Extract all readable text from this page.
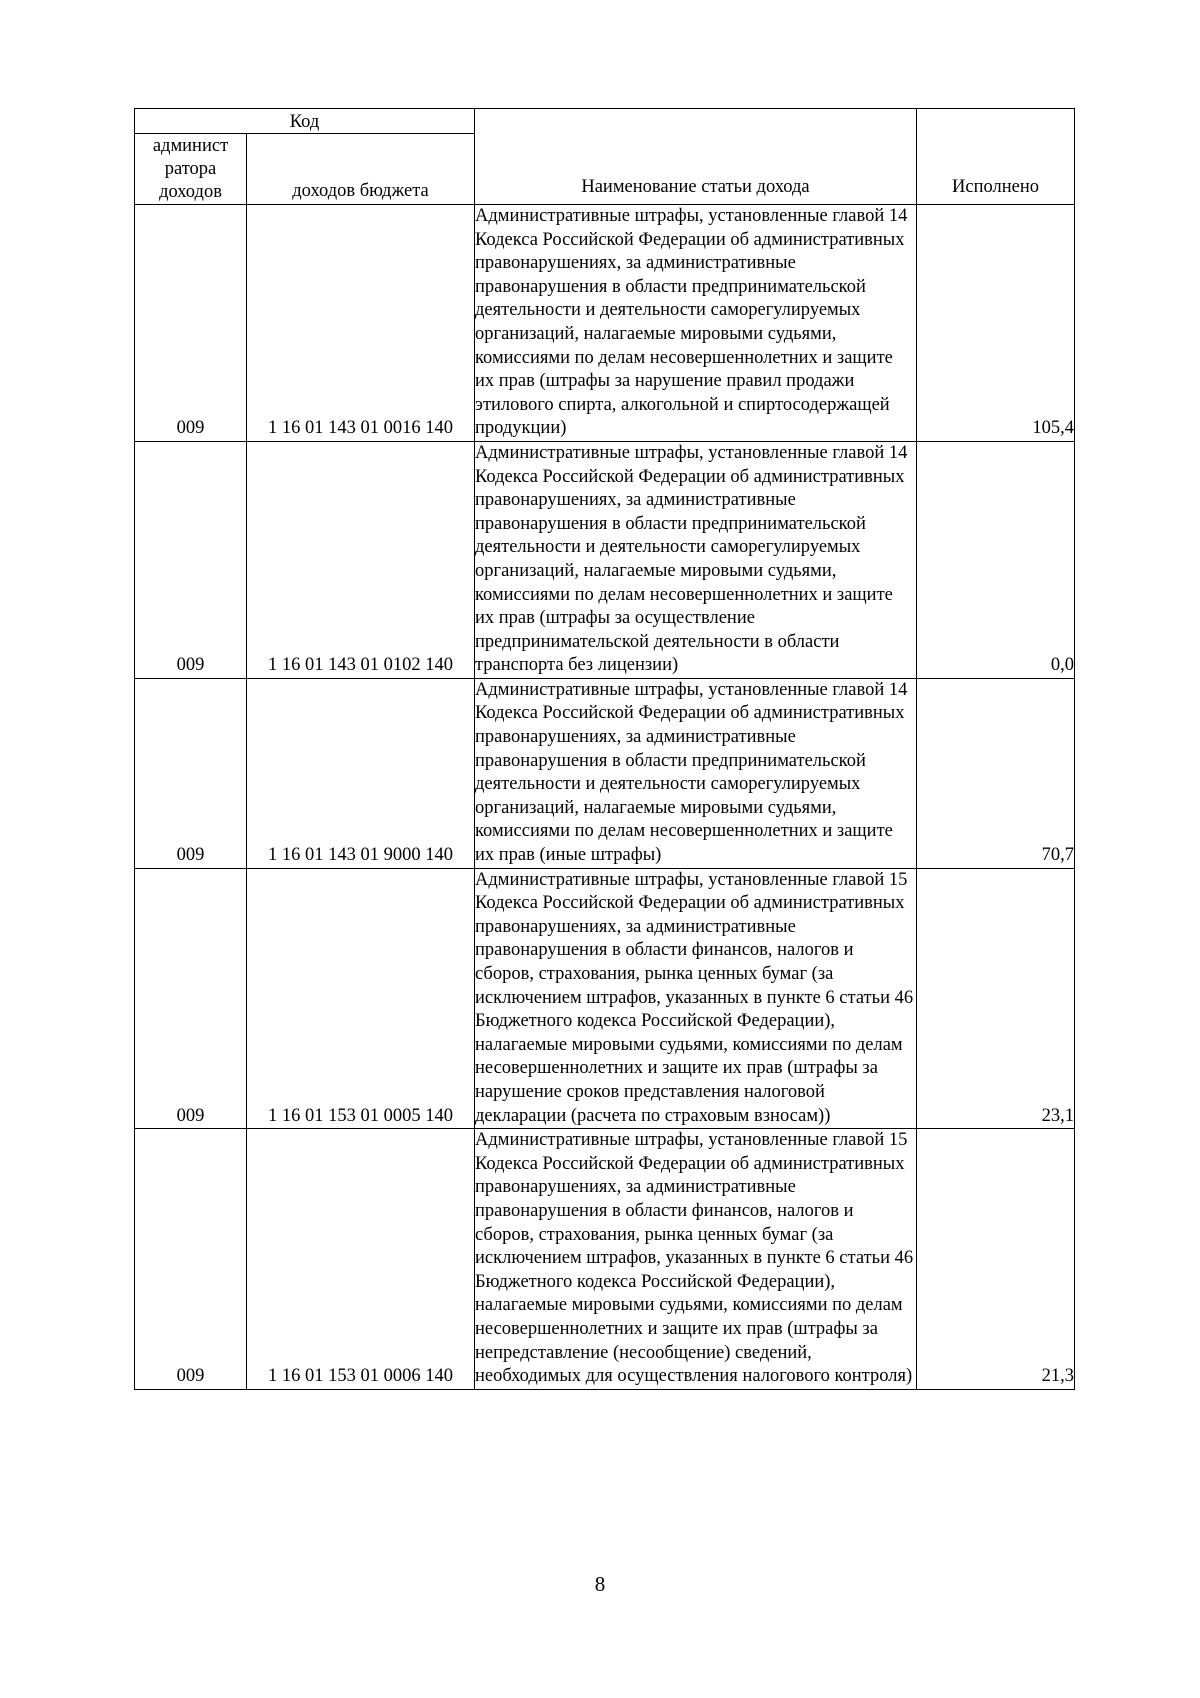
Код		Наименование статьи дохода	Исполнено

админист
ратора
доходов	доходов бюджета		
009	1 16 01 143 01 0016 140	Административные штрафы, установленные главой 14 Кодекса Российской Федерации об административных правонарушениях, за административные правонарушения в области предпринимательской деятельности и деятельности саморегулируемых организаций, налагаемые мировыми судьями, комиссиями по делам несовершеннолетних и защите их прав (штрафы за нарушение правил продажи этилового спирта, алкогольной и спиртосодержащей продукции)	105,4
009	1 16 01 143 01 0102 140	Административные штрафы, установленные главой 14 Кодекса Российской Федерации об административных правонарушениях, за административные правонарушения в области предпринимательской деятельности и деятельности саморегулируемых организаций, налагаемые мировыми судьями, комиссиями по делам несовершеннолетних и защите их прав (штрафы за осуществление предпринимательской деятельности в области транспорта без лицензии)	0,0
009	1 16 01 143 01 9000 140	Административные штрафы, установленные главой 14 Кодекса Российской Федерации об административных правонарушениях, за административные правонарушения в области предпринимательской деятельности и деятельности саморегулируемых организаций, налагаемые мировыми судьями, комиссиями по делам несовершеннолетних и защите их прав (иные штрафы)	70,7
009	1 16 01 153 01 0005 140	Административные штрафы, установленные главой 15 Кодекса Российской Федерации об административных правонарушениях, за административные правонарушения в области финансов, налогов и сборов, страхования, рынка ценных бумаг (за исключением штрафов, указанных в пункте 6 статьи 46 Бюджетного кодекса Российской Федерации), налагаемые мировыми судьями, комиссиями по делам несовершеннолетних и защите их прав (штрафы за нарушение сроков представления налоговой декларации (расчета по страховым взносам))	23,1
009	1 16 01 153 01 0006 140	Административные штрафы, установленные главой 15 Кодекса Российской Федерации об административных правонарушениях, за административные правонарушения в области финансов, налогов и сборов, страхования, рынка ценных бумаг (за исключением штрафов, указанных в пункте 6 статьи 46 Бюджетного кодекса Российской Федерации), налагаемые мировыми судьями, комиссиями по делам несовершеннолетних и защите их прав (штрафы за непредставление (несообщение) сведений, необходимых для осуществления налогового контроля)	21,3
8
